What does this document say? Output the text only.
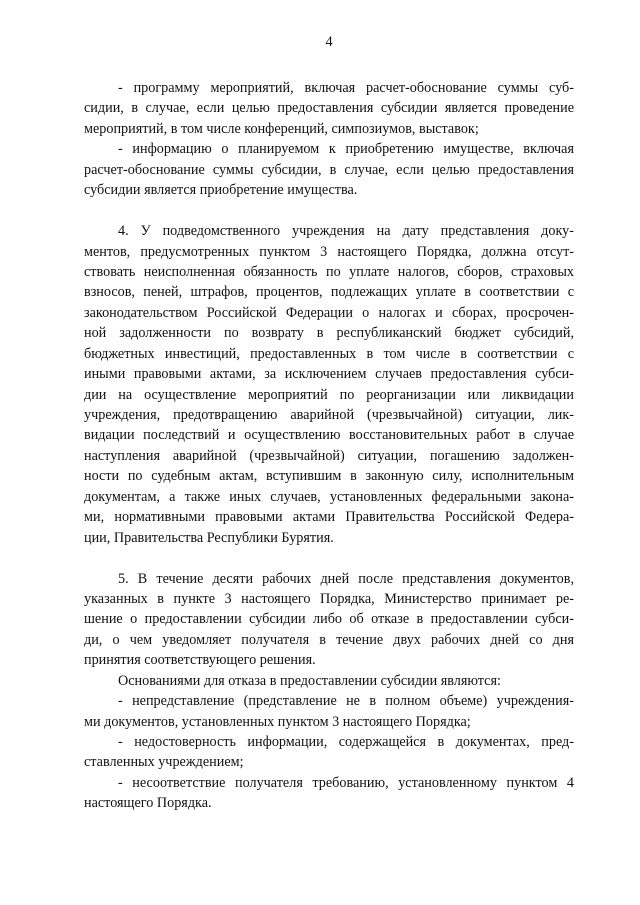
4
- программу мероприятий, включая расчет-обоснование суммы суб-
сидии, в случае, если целью предоставления субсидии является проведение
мероприятий, в том числе конференций, симпозиумов, выставок;
- информацию о планируемом к приобретению имуществе, включая
расчет-обоснование суммы субсидии, в случае, если целью предоставления
субсидии является приобретение имущества.
4. У подведомственного учреждения на дату представления доку-
ментов, предусмотренных пунктом 3 настоящего Порядка, должна отсут-
ствовать неисполненная обязанность по уплате налогов, сборов, страховых
взносов, пеней, штрафов, процентов, подлежащих уплате в соответствии с
законодательством Российской Федерации о налогах и сборах, просрочен-
ной задолженности по возврату в республиканский бюджет субсидий,
бюджетных инвестиций, предоставленных в том числе в соответствии с
иными правовыми актами, за исключением случаев предоставления субси-
дии на осуществление мероприятий по реорганизации или ликвидации
учреждения, предотвращению аварийной (чрезвычайной) ситуации, лик-
видации последствий и осуществлению восстановительных работ в случае
наступления аварийной (чрезвычайной) ситуации, погашению задолжен-
ности по судебным актам, вступившим в законную силу, исполнительным
документам, а также иных случаев, установленных федеральными закона-
ми, нормативными правовыми актами Правительства Российской Федера-
ции, Правительства Республики Бурятия.
5. В течение десяти рабочих дней после представления документов,
указанных в пункте 3 настоящего Порядка, Министерство принимает ре-
шение о предоставлении субсидии либо об отказе в предоставлении субси-
ди, о чем уведомляет получателя в течение двух рабочих дней со дня
принятия соответствующего решения.
Основаниями для отказа в предоставлении субсидии являются:
- непредставление (представление не в полном объеме) учреждения-
ми документов, установленных пунктом 3 настоящего Порядка;
- недостоверность информации, содержащейся в документах, пред-
ставленных учреждением;
- несоответствие получателя требованию, установленному пунктом 4
настоящего Порядка.
